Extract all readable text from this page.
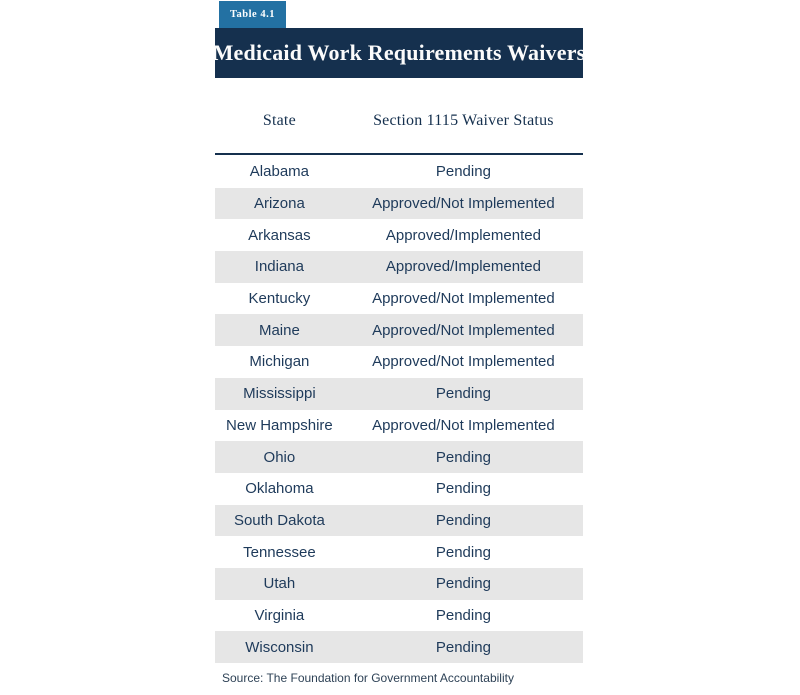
Table 4.1
Medicaid Work Requirements Waivers
State	Section 1115 Waiver Status
Alabama	Pending
Arizona	Approved/Not Implemented
Arkansas	Approved/Implemented
Indiana	Approved/Implemented
Kentucky	Approved/Not Implemented
Maine	Approved/Not Implemented
Michigan	Approved/Not Implemented
Mississippi	Pending
New Hampshire	Approved/Not Implemented
Ohio	Pending
Oklahoma	Pending
South Dakota	Pending
Tennessee	Pending
Utah	Pending
Virginia	Pending
Wisconsin	Pending
Source: The Foundation for Government Accountability
